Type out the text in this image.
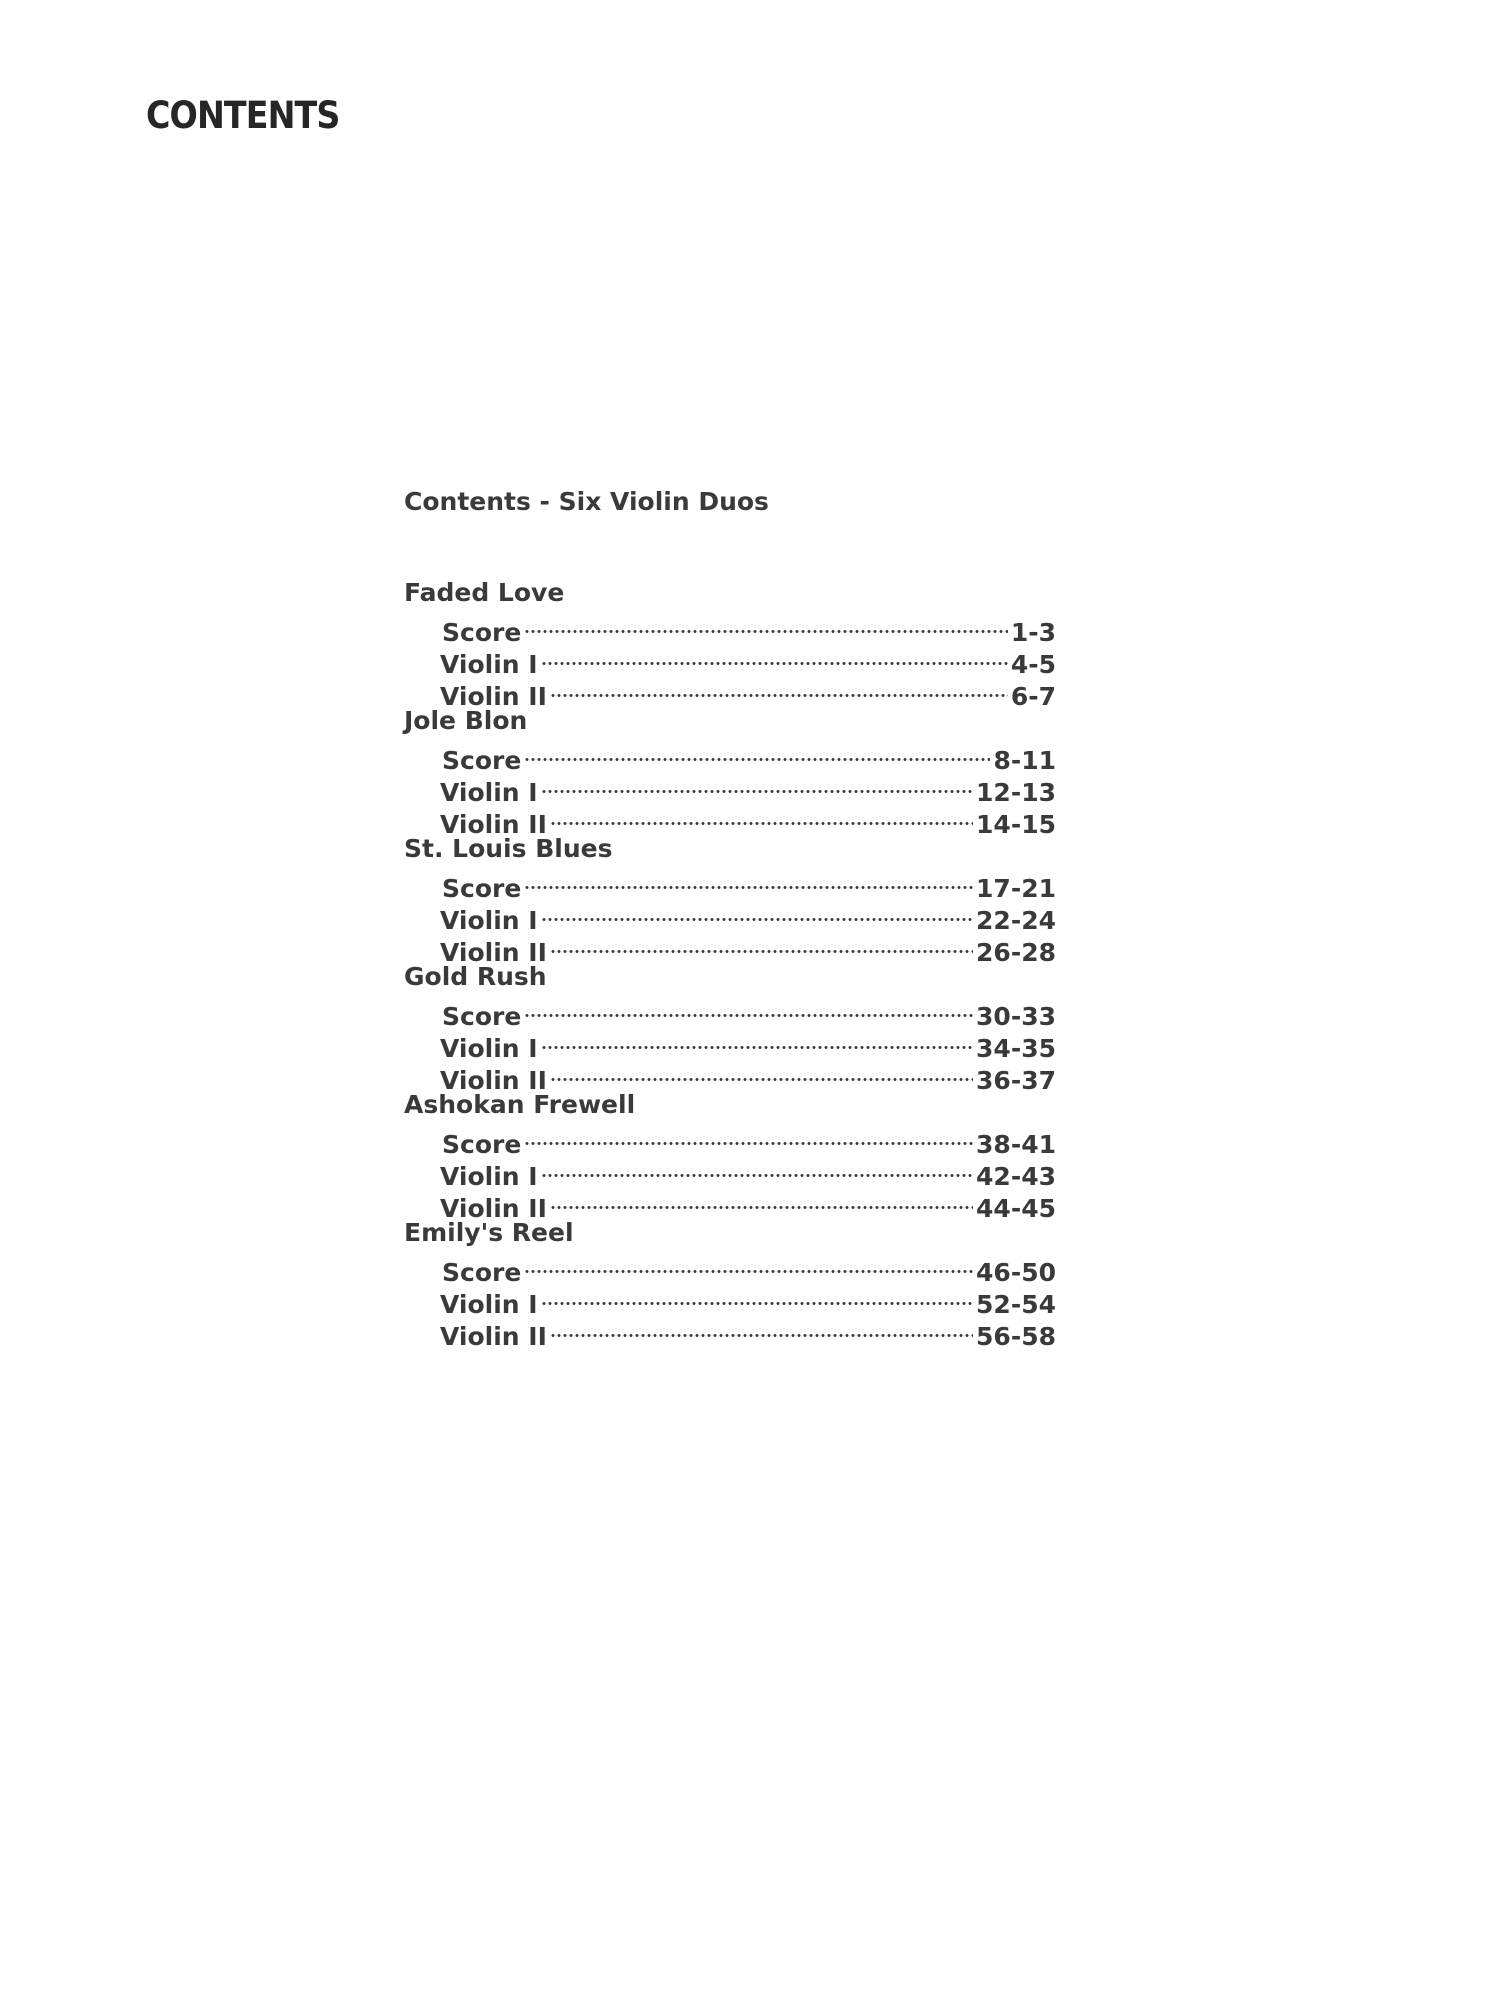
CONTENTS
Contents - Six Violin Duos
Faded Love
Score	1-3
Violin I	4-5
Violin II	6-7
Jole Blon
Score	8-11
Violin I	12-13
Violin II	14-15
St. Louis Blues
Score	17-21
Violin I	22-24
Violin II	26-28
Gold Rush
Score	30-33
Violin I	34-35
Violin II	36-37
Ashokan Frewell
Score	38-41
Violin I	42-43
Violin II	44-45
Emily's Reel
Score	46-50
Violin I	52-54
Violin II	56-58
